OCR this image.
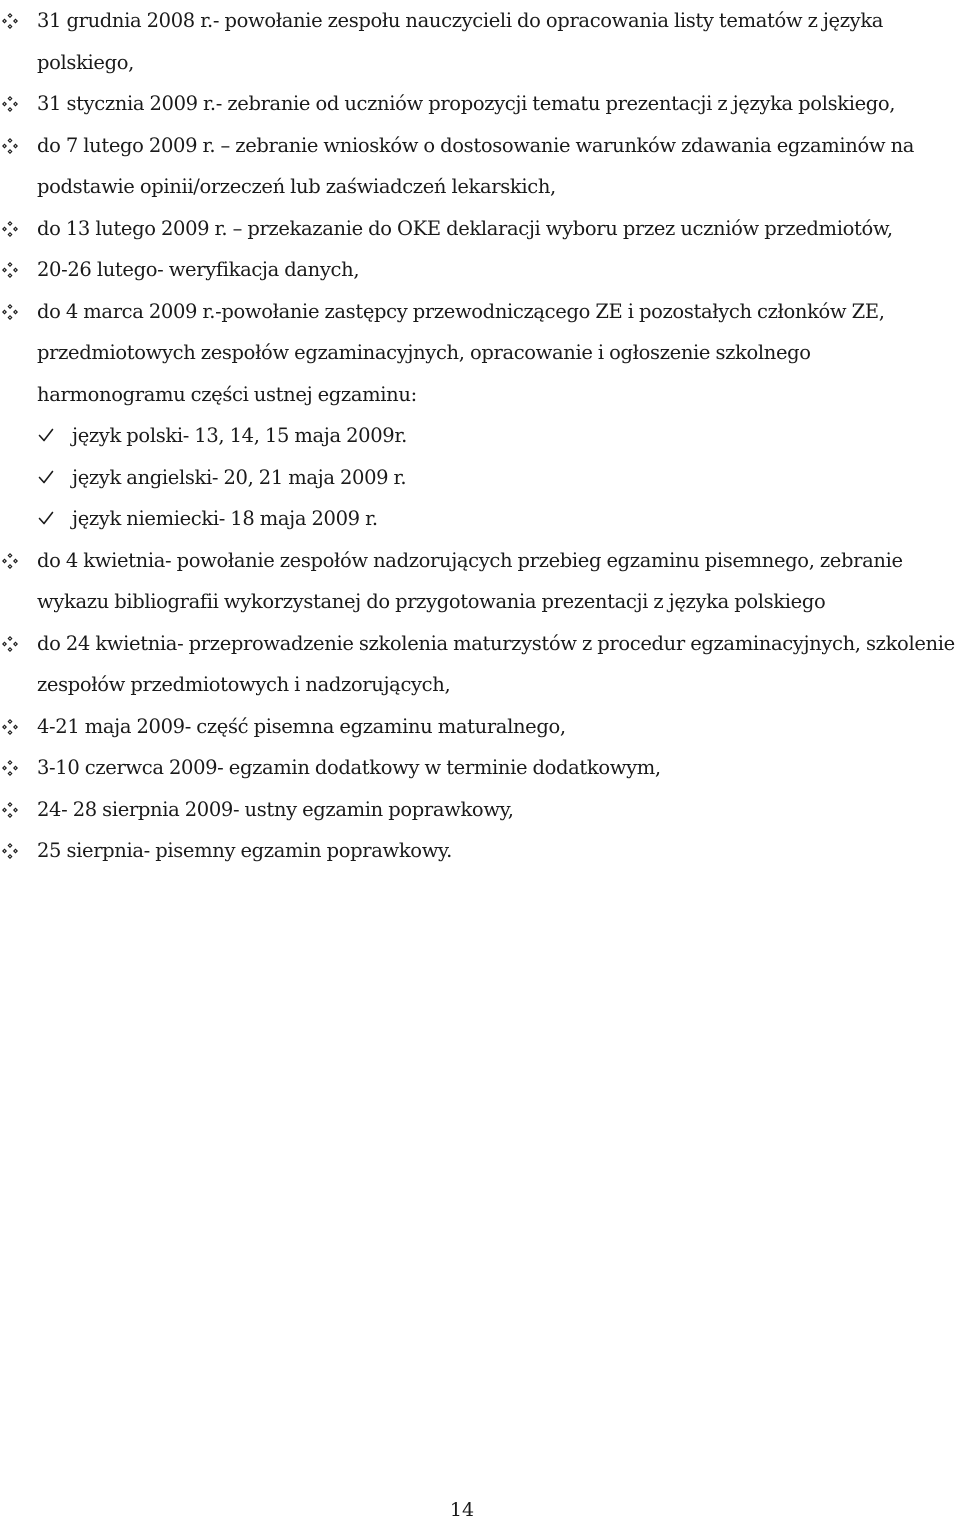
31 grudnia 2008 r.- powołanie zespołu nauczycieli do opracowania listy tematów z języka polskiego,
31 stycznia 2009 r.- zebranie od uczniów propozycji tematu prezentacji z języka polskiego,
do 7 lutego 2009 r. – zebranie wniosków o dostosowanie warunków zdawania egzaminów na podstawie opinii/orzeczeń lub zaświadczeń lekarskich,
do 13 lutego 2009 r. – przekazanie do OKE deklaracji wyboru przez uczniów przedmiotów,
20-26 lutego- weryfikacja danych,
do 4 marca 2009 r.-powołanie zastępcy przewodniczącego ZE i pozostałych członków ZE, przedmiotowych zespołów egzaminacyjnych, opracowanie i ogłoszenie szkolnego harmonogramu części ustnej egzaminu:
język polski- 13, 14, 15 maja 2009r.
język angielski- 20, 21 maja 2009 r.
język niemiecki- 18 maja 2009 r.
do 4 kwietnia- powołanie zespołów nadzorujących przebieg egzaminu pisemnego, zebranie wykazu bibliografii wykorzystanej do przygotowania prezentacji z języka polskiego
do 24 kwietnia- przeprowadzenie szkolenia maturzystów z procedur egzaminacyjnych, szkolenie zespołów przedmiotowych i nadzorujących,
4-21 maja 2009- część pisemna egzaminu maturalnego,
3-10 czerwca 2009- egzamin dodatkowy w terminie dodatkowym,
24- 28 sierpnia 2009- ustny egzamin poprawkowy,
25 sierpnia- pisemny egzamin poprawkowy.
14
